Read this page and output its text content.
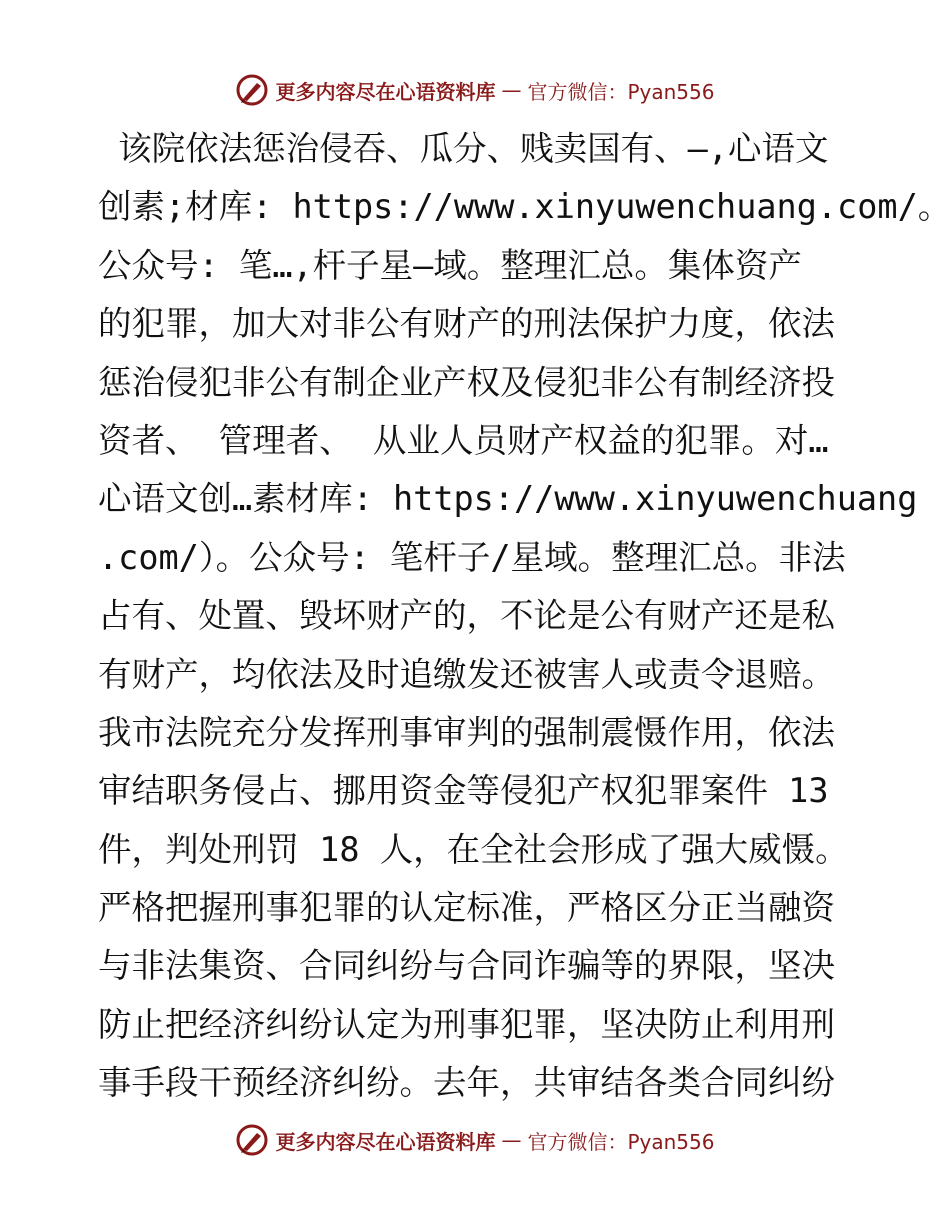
更多内容尽在心语资料库 — 官方微信：Pyan556
该院依法惩治侵吞、瓜分、贱卖国有、—,心语文
创素;材库: https://www.xinyuwenchuang.com/。
公众号: 笔…,杆子星—域。整理汇总。集体资产
的犯罪，加大对非公有财产的刑法保护力度，依法
惩治侵犯非公有制企业产权及侵犯非公有制经济投
资者、 管理者、 从业人员财产权益的犯罪。对…
心语文创…素材库: https://www.xinyuwenchuang
.com/）。公众号: 笔杆子/星域。整理汇总。非法
占有、处置、毁坏财产的，不论是公有财产还是私
有财产，均依法及时追缴发还被害人或责令退赔。
我市法院充分发挥刑事审判的强制震慑作用，依法
审结职务侵占、挪用资金等侵犯产权犯罪案件 13
件，判处刑罚 18 人，在全社会形成了强大威慑。
严格把握刑事犯罪的认定标准，严格区分正当融资
与非法集资、合同纠纷与合同诈骗等的界限，坚决
防止把经济纠纷认定为刑事犯罪，坚决防止利用刑
事手段干预经济纠纷。去年，共审结各类合同纠纷
更多内容尽在心语资料库 — 官方微信：Pyan556
